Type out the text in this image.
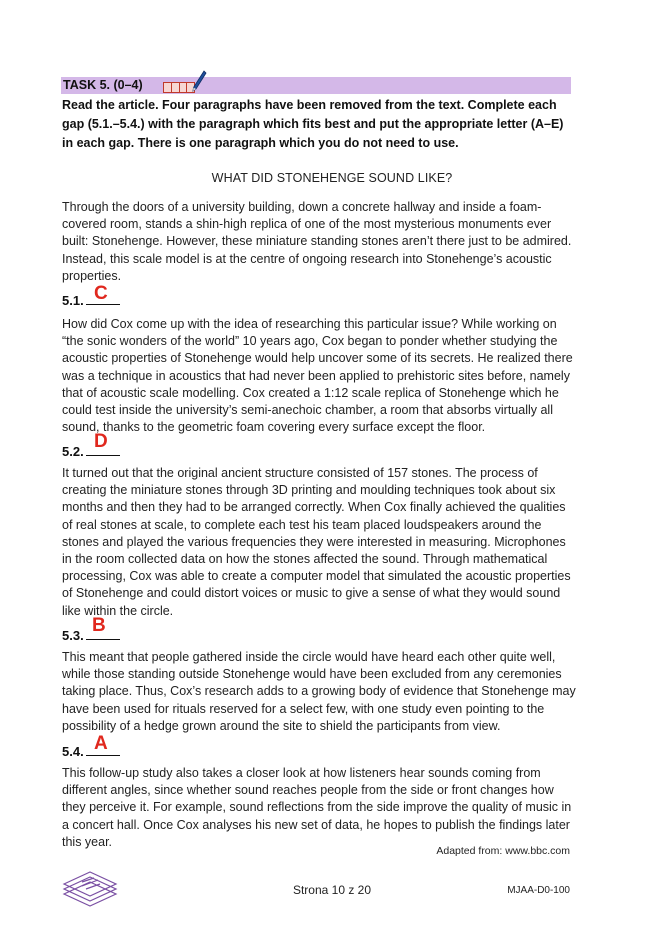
TASK 5. (0–4)
Read the article. Four paragraphs have been removed from the text. Complete each gap (5.1.–5.4.) with the paragraph which fits best and put the appropriate letter (A–E) in each gap. There is one paragraph which you do not need to use.
WHAT DID STONEHENGE SOUND LIKE?
Through the doors of a university building, down a concrete hallway and inside a foam-covered room, stands a shin-high replica of one of the most mysterious monuments ever built: Stonehenge. However, these miniature standing stones aren’t there just to be admired. Instead, this scale model is at the centre of ongoing research into Stonehenge’s acoustic properties.
5.1. C
How did Cox come up with the idea of researching this particular issue? While working on “the sonic wonders of the world” 10 years ago, Cox began to ponder whether studying the acoustic properties of Stonehenge would help uncover some of its secrets. He realized there was a technique in acoustics that had never been applied to prehistoric sites before, namely that of acoustic scale modelling. Cox created a 1:12 scale replica of Stonehenge which he could test inside the university’s semi-anechoic chamber, a room that absorbs virtually all sound, thanks to the geometric foam covering every surface except the floor.
5.2. D
It turned out that the original ancient structure consisted of 157 stones. The process of creating the miniature stones through 3D printing and moulding techniques took about six months and then they had to be arranged correctly. When Cox finally achieved the qualities of real stones at scale, to complete each test his team placed loudspeakers around the stones and played the various frequencies they were interested in measuring. Microphones in the room collected data on how the stones affected the sound. Through mathematical processing, Cox was able to create a computer model that simulated the acoustic properties of Stonehenge and could distort voices or music to give a sense of what they would sound like within the circle.
5.3. B
This meant that people gathered inside the circle would have heard each other quite well, while those standing outside Stonehenge would have been excluded from any ceremonies taking place. Thus, Cox’s research adds to a growing body of evidence that Stonehenge may have been used for rituals reserved for a select few, with one study even pointing to the possibility of a hedge grown around the site to shield the participants from view.
5.4. A
This follow-up study also takes a closer look at how listeners hear sounds coming from different angles, since whether sound reaches people from the side or front changes how they perceive it. For example, sound reflections from the side improve the quality of music in a concert hall. Once Cox analyses his new set of data, he hopes to publish the findings later this year.
Adapted from: www.bbc.com
Strona 10 z 20	MJAA-D0-100
